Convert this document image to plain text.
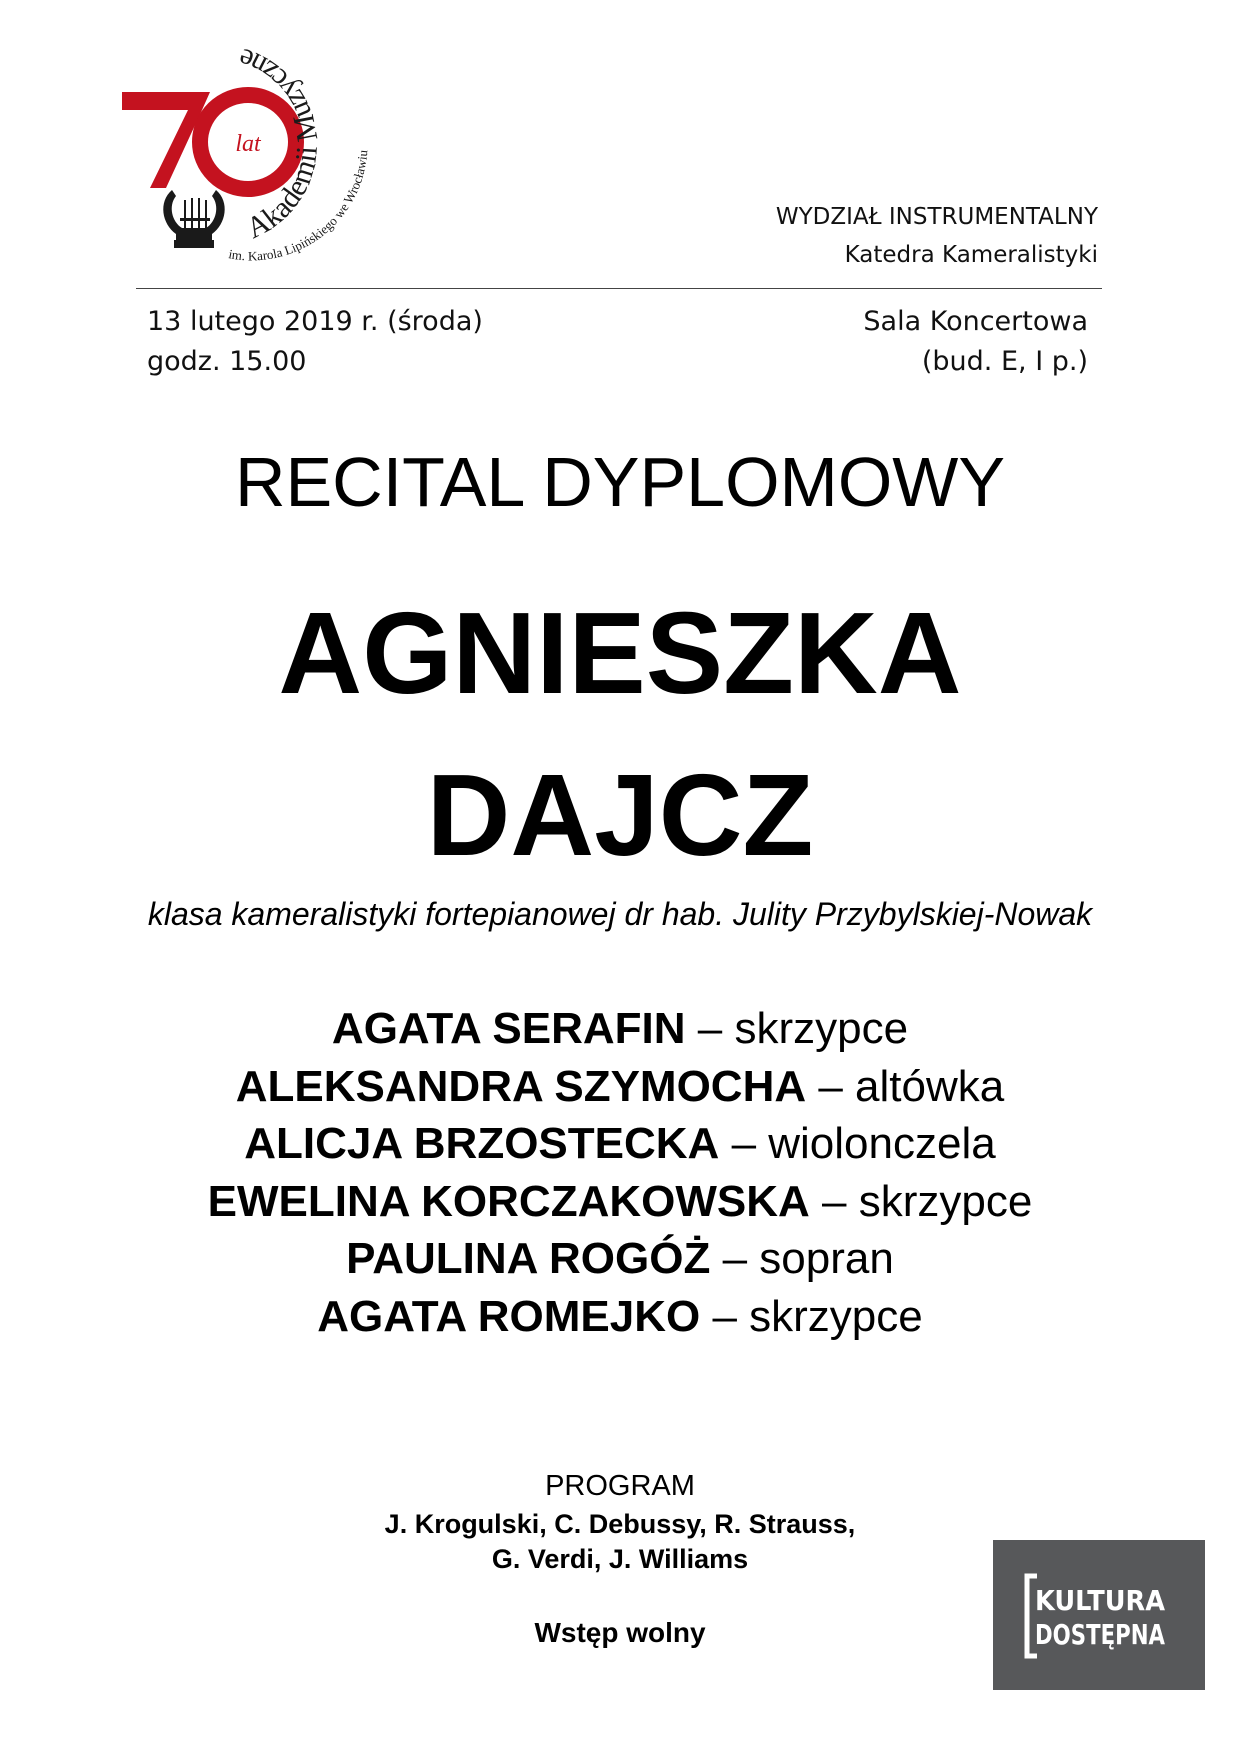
lat
Akademii Muzyczne
im. Karola Lipińskiego we Wrocławiu
WYDZIAŁ INSTRUMENTALNY
Katedra Kameralistyki
13 lutego 2019 r. (środa)
godz. 15.00
Sala Koncertowa
(bud. E, I p.)
RECITAL DYPLOMOWY
AGNIESZKA
DAJCZ
klasa kameralistyki fortepianowej dr hab. Julity Przybylskiej-Nowak
AGATA SERAFIN – skrzypce
ALEKSANDRA SZYMOCHA – altówka
ALICJA BRZOSTECKA – wiolonczela
EWELINA KORCZAKOWSKA – skrzypce
PAULINA ROGÓŻ – sopran
AGATA ROMEJKO – skrzypce
PROGRAM
J. Krogulski, C. Debussy, R. Strauss,
G. Verdi, J. Williams
Wstęp wolny
KULTURA
DOSTĘPNA
